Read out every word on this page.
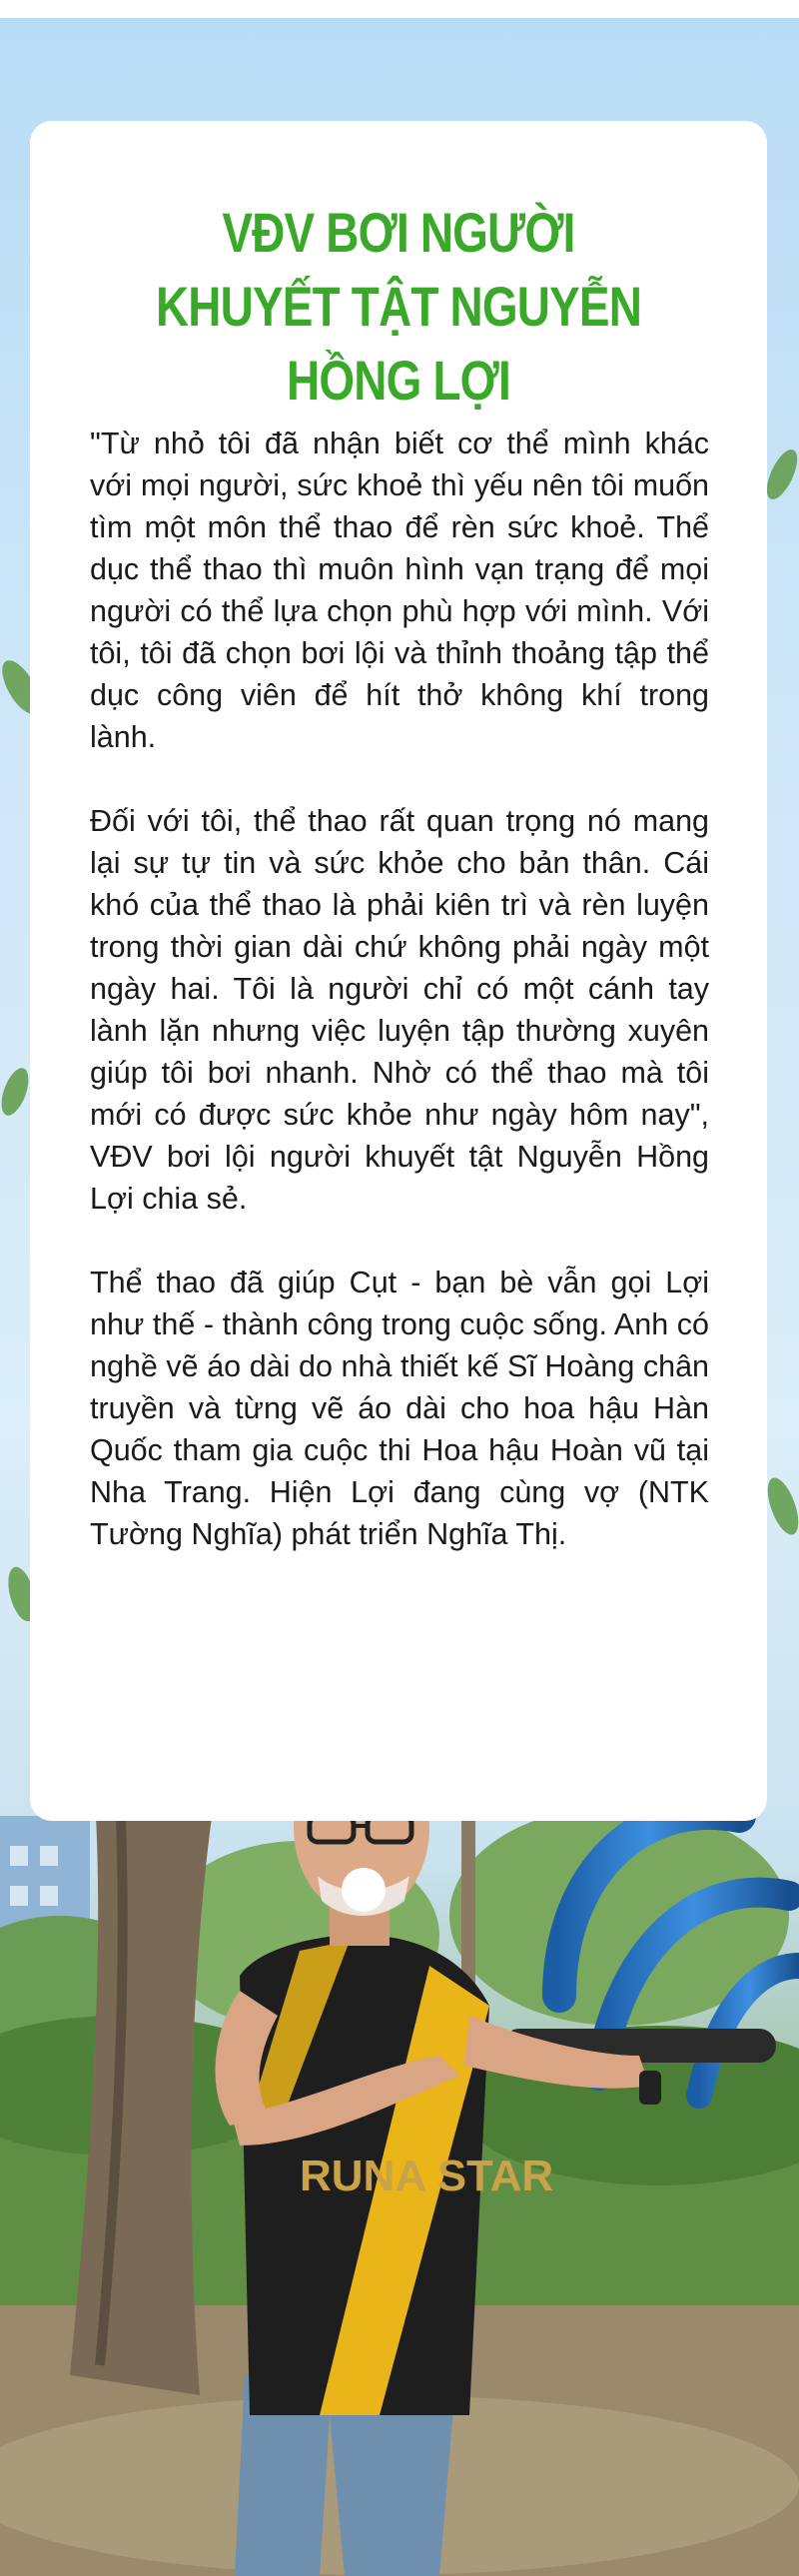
RUNA STAR
VĐV BƠI NGƯỜI KHUYẾT TẬT NGUYỄN HỒNG LỢI

"Từ nhỏ tôi đã nhận biết cơ thể mình khác với mọi người, sức khoẻ thì yếu nên tôi muốn tìm một môn thể thao để rèn sức khoẻ. Thể dục thể thao thì muôn hình vạn trạng để mọi người có thể lựa chọn phù hợp với mình. Với tôi, tôi đã chọn bơi lội và thỉnh thoảng tập thể dục công viên để hít thở không khí trong lành.

Đối với tôi, thể thao rất quan trọng nó mang lại sự tự tin và sức khỏe cho bản thân. Cái khó của thể thao là phải kiên trì và rèn luyện trong thời gian dài chứ không phải ngày một ngày hai. Tôi là người chỉ có một cánh tay lành lặn nhưng việc luyện tập thường xuyên giúp tôi bơi nhanh. Nhờ có thể thao mà tôi mới có được sức khỏe như ngày hôm nay", VĐV bơi lội người khuyết tật Nguyễn Hồng Lợi chia sẻ.

Thể thao đã giúp Cụt - bạn bè vẫn gọi Lợi như thế - thành công trong cuộc sống. Anh có nghề vẽ áo dài do nhà thiết kế Sĩ Hoàng chân truyền và từng vẽ áo dài cho hoa hậu Hàn Quốc tham gia cuộc thi Hoa hậu Hoàn vũ tại Nha Trang. Hiện Lợi đang cùng vợ (NTK Tường Nghĩa) phát triển Nghĩa Thị.
